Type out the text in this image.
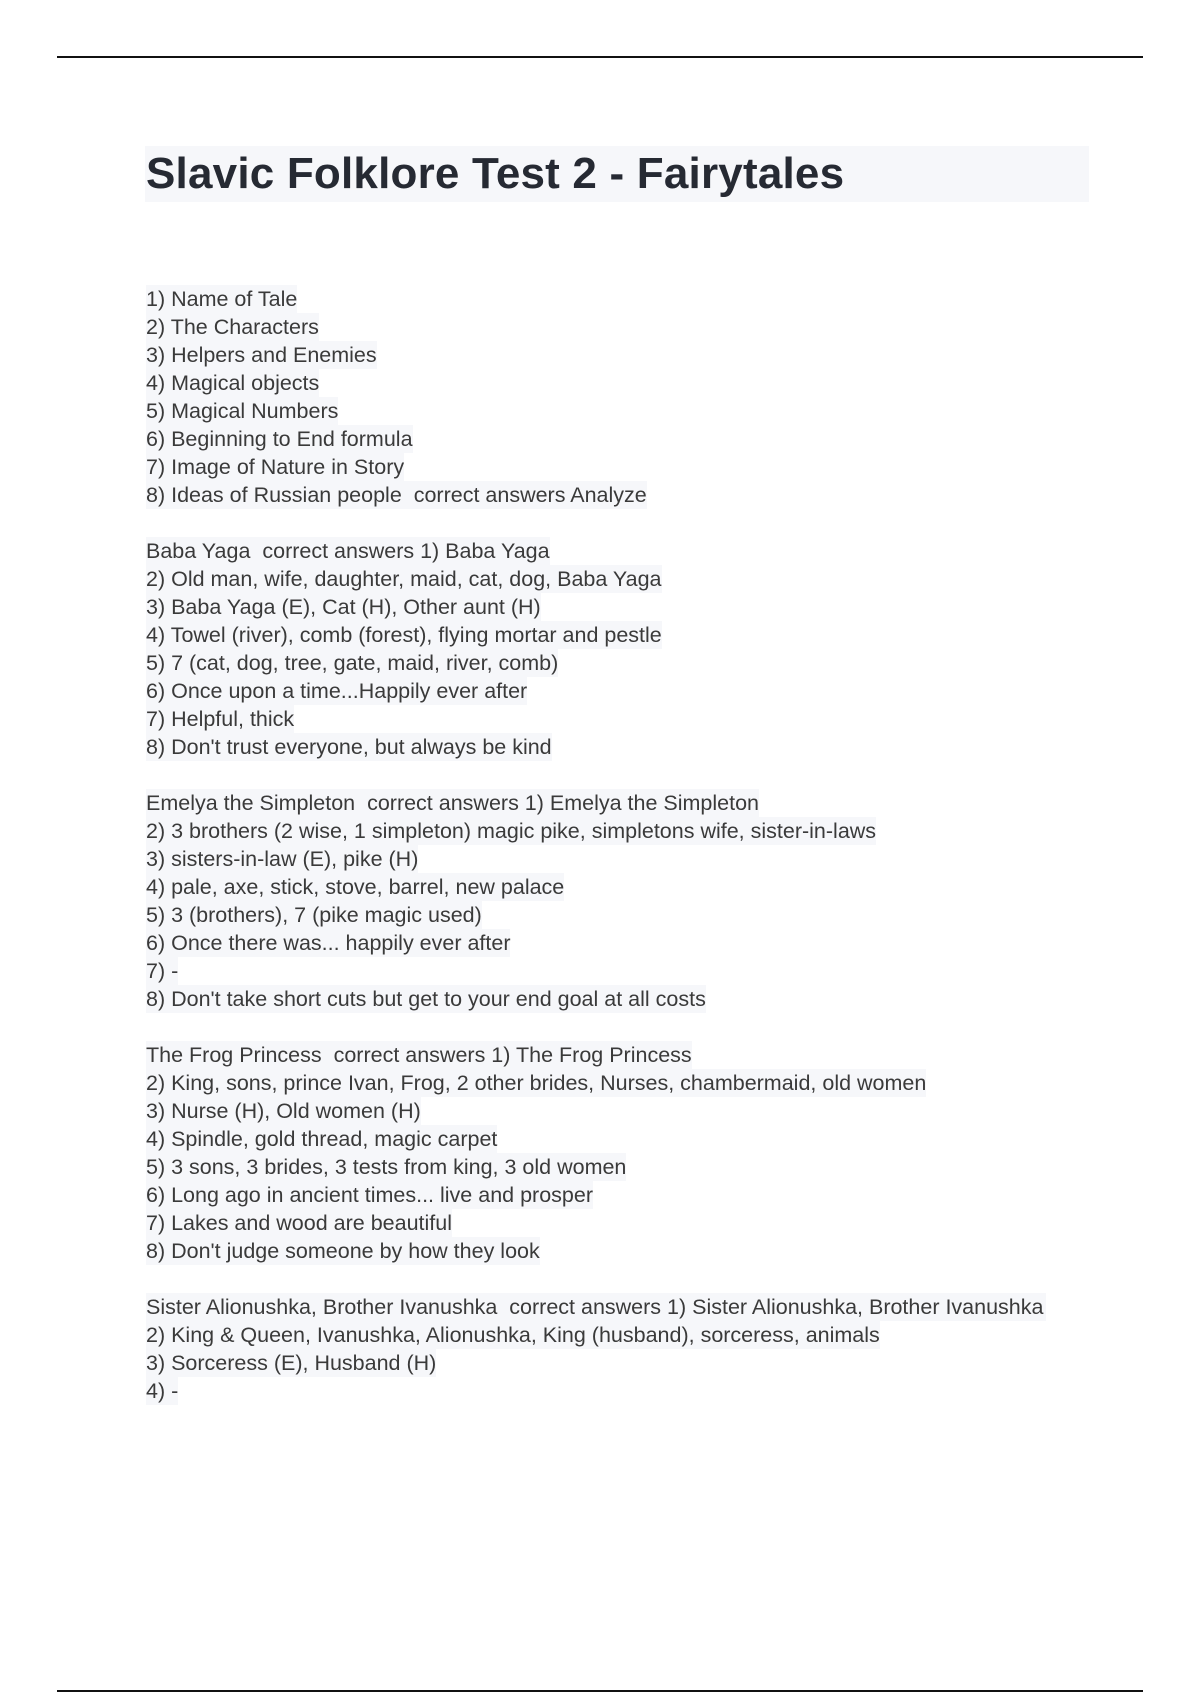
Slavic Folklore Test 2 - Fairytales
1) Name of Tale
2) The Characters
3) Helpers and Enemies
4) Magical objects
5) Magical Numbers
6) Beginning to End formula
7) Image of Nature in Story
8) Ideas of Russian people  correct answers Analyze
Baba Yaga  correct answers 1) Baba Yaga
2) Old man, wife, daughter, maid, cat, dog, Baba Yaga
3) Baba Yaga (E), Cat (H), Other aunt (H)
4) Towel (river), comb (forest), flying mortar and pestle
5) 7 (cat, dog, tree, gate, maid, river, comb)
6) Once upon a time...Happily ever after
7) Helpful, thick
8) Don't trust everyone, but always be kind
Emelya the Simpleton  correct answers 1) Emelya the Simpleton
2) 3 brothers (2 wise, 1 simpleton) magic pike, simpletons wife, sister-in-laws
3) sisters-in-law (E), pike (H)
4) pale, axe, stick, stove, barrel, new palace
5) 3 (brothers), 7 (pike magic used)
6) Once there was... happily ever after
7) -
8) Don't take short cuts but get to your end goal at all costs
The Frog Princess  correct answers 1) The Frog Princess
2) King, sons, prince Ivan, Frog, 2 other brides, Nurses, chambermaid, old women
3) Nurse (H), Old women (H)
4) Spindle, gold thread, magic carpet
5) 3 sons, 3 brides, 3 tests from king, 3 old women
6) Long ago in ancient times... live and prosper
7) Lakes and wood are beautiful
8) Don't judge someone by how they look
Sister Alionushka, Brother Ivanushka  correct answers 1) Sister Alionushka, Brother Ivanushka
2) King & Queen, Ivanushka, Alionushka, King (husband), sorceress, animals
3) Sorceress (E), Husband (H)
4) -
